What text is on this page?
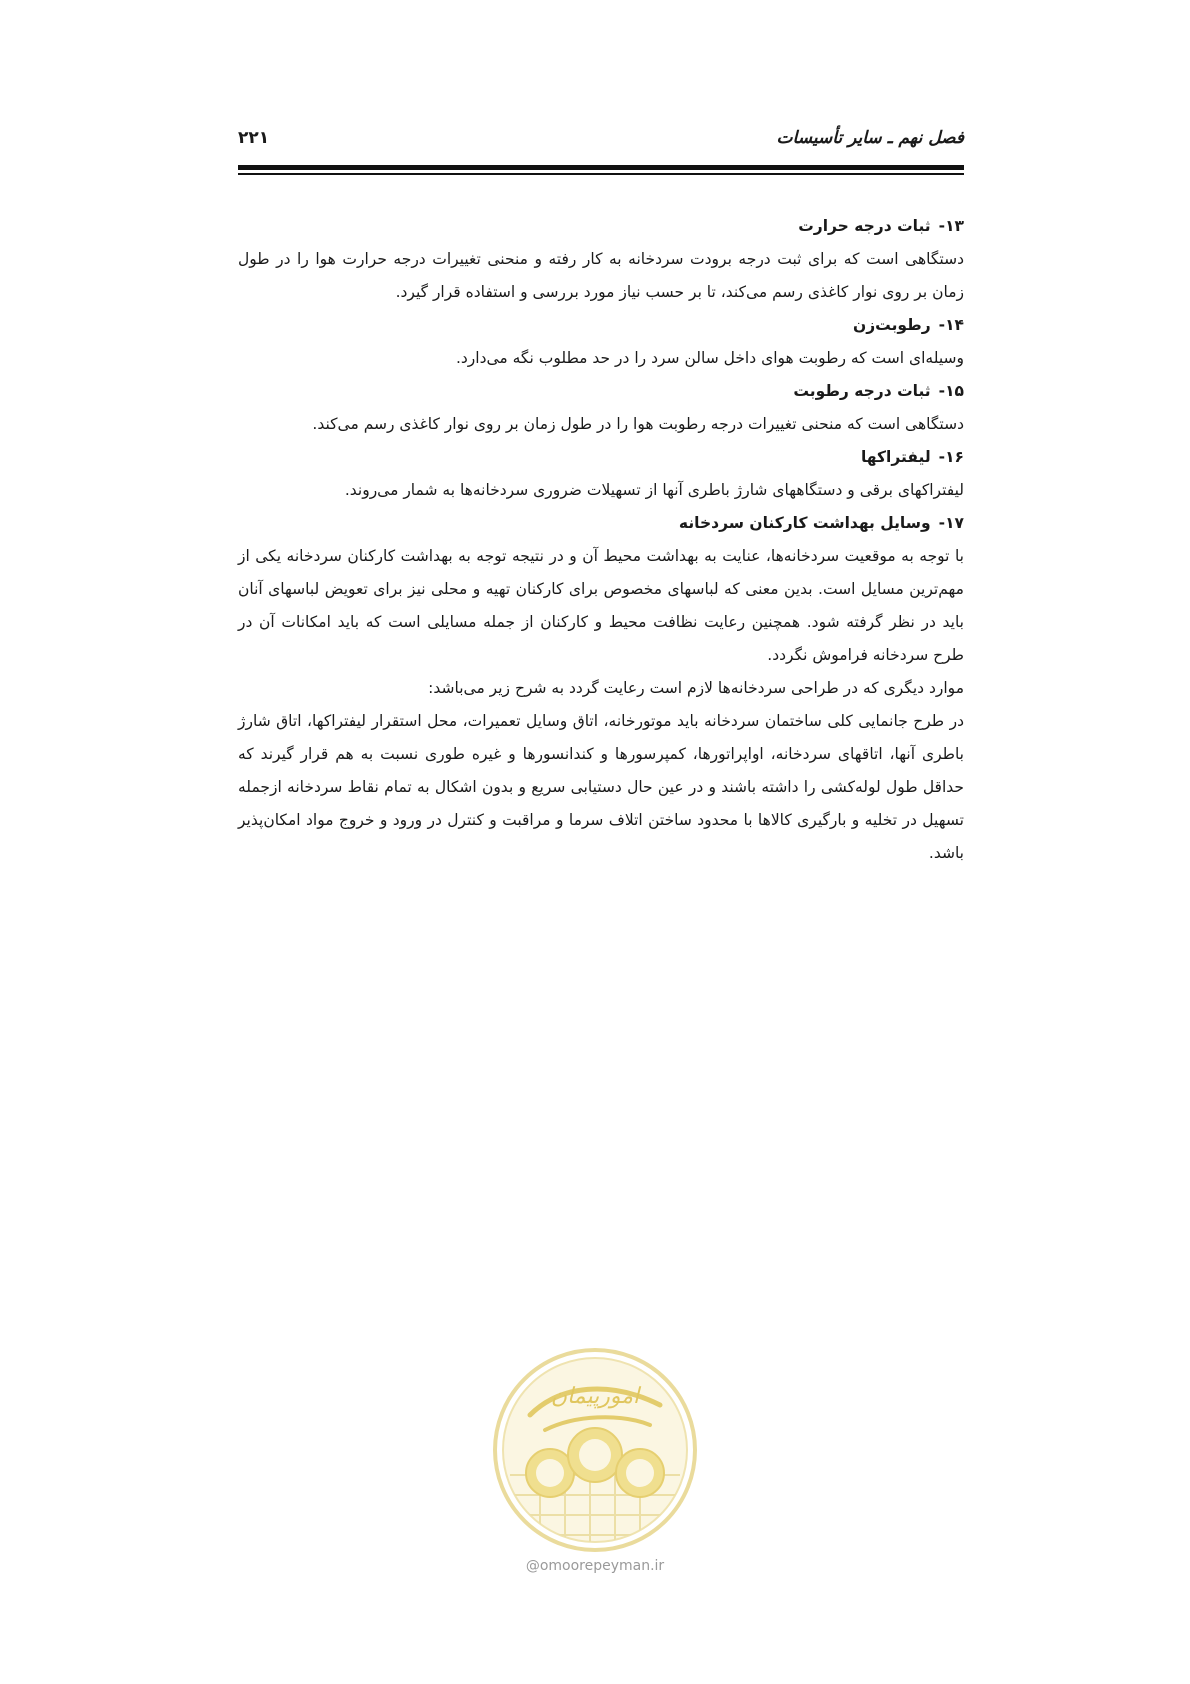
فصل نهم ـ سایر تأسیسات
۲۲۱

۱۳-ثبات درجه حرارت

دستگاهی است که برای ثبت درجه برودت سردخانه به کار رفته و منحنی تغییرات درجه حرارت هوا را در طول زمان بر روی نوار کاغذی رسم می‌کند، تا بر حسب نیاز مورد بررسی و استفاده قرار گیرد.

۱۴-رطوبت‌زن

وسیله‌ای است که رطوبت هوای داخل سالن سرد را در حد مطلوب نگه می‌دارد.

۱۵-ثبات درجه رطوبت

دستگاهی است که منحنی تغییرات درجه رطوبت هوا را در طول زمان بر روی نوار کاغذی رسم می‌کند.

۱۶-لیفتراکها

لیفتراکهای برقی و دستگاههای شارژ باطری آنها از تسهیلات ضروری سردخانه‌ها به شمار می‌روند.

۱۷-وسایل بهداشت کارکنان سردخانه

با توجه به موقعیت سردخانه‌ها، عنایت به بهداشت محیط آن و در نتیجه توجه به بهداشت کارکنان سردخانه یکی از مهم‌ترین مسایل است. بدین معنی که لباسهای مخصوص برای کارکنان تهیه و محلی نیز برای تعویض لباسهای آنان باید در نظر گرفته شود. همچنین رعایت نظافت محیط و کارکنان از جمله مسایلی است که باید امکانات آن در طرح سردخانه فراموش نگردد.

موارد دیگری که در طراحی سردخانه‌ها لازم است رعایت گردد به شرح زیر می‌باشد:

در طرح جانمایی کلی ساختمان سردخانه باید موتورخانه، اتاق وسایل تعمیرات، محل استقرار لیفتراکها، اتاق شارژ باطری آنها، اتاقهای سردخانه، اواپراتورها، کمپرسورها و کندانسورها و غیره طوری نسبت به هم قرار گیرند که حداقل طول لوله‌کشی را داشته باشند و در عین حال دستیابی سریع و بدون اشکال به تمام نقاط سردخانه ازجمله تسهیل در تخلیه و بارگیری کالاها با محدود ساختن اتلاف سرما و مراقبت و کنترل در ورود و خروج مواد امکان‌پذیر باشد.

امورپیمان
@omoorepeyman.ir
